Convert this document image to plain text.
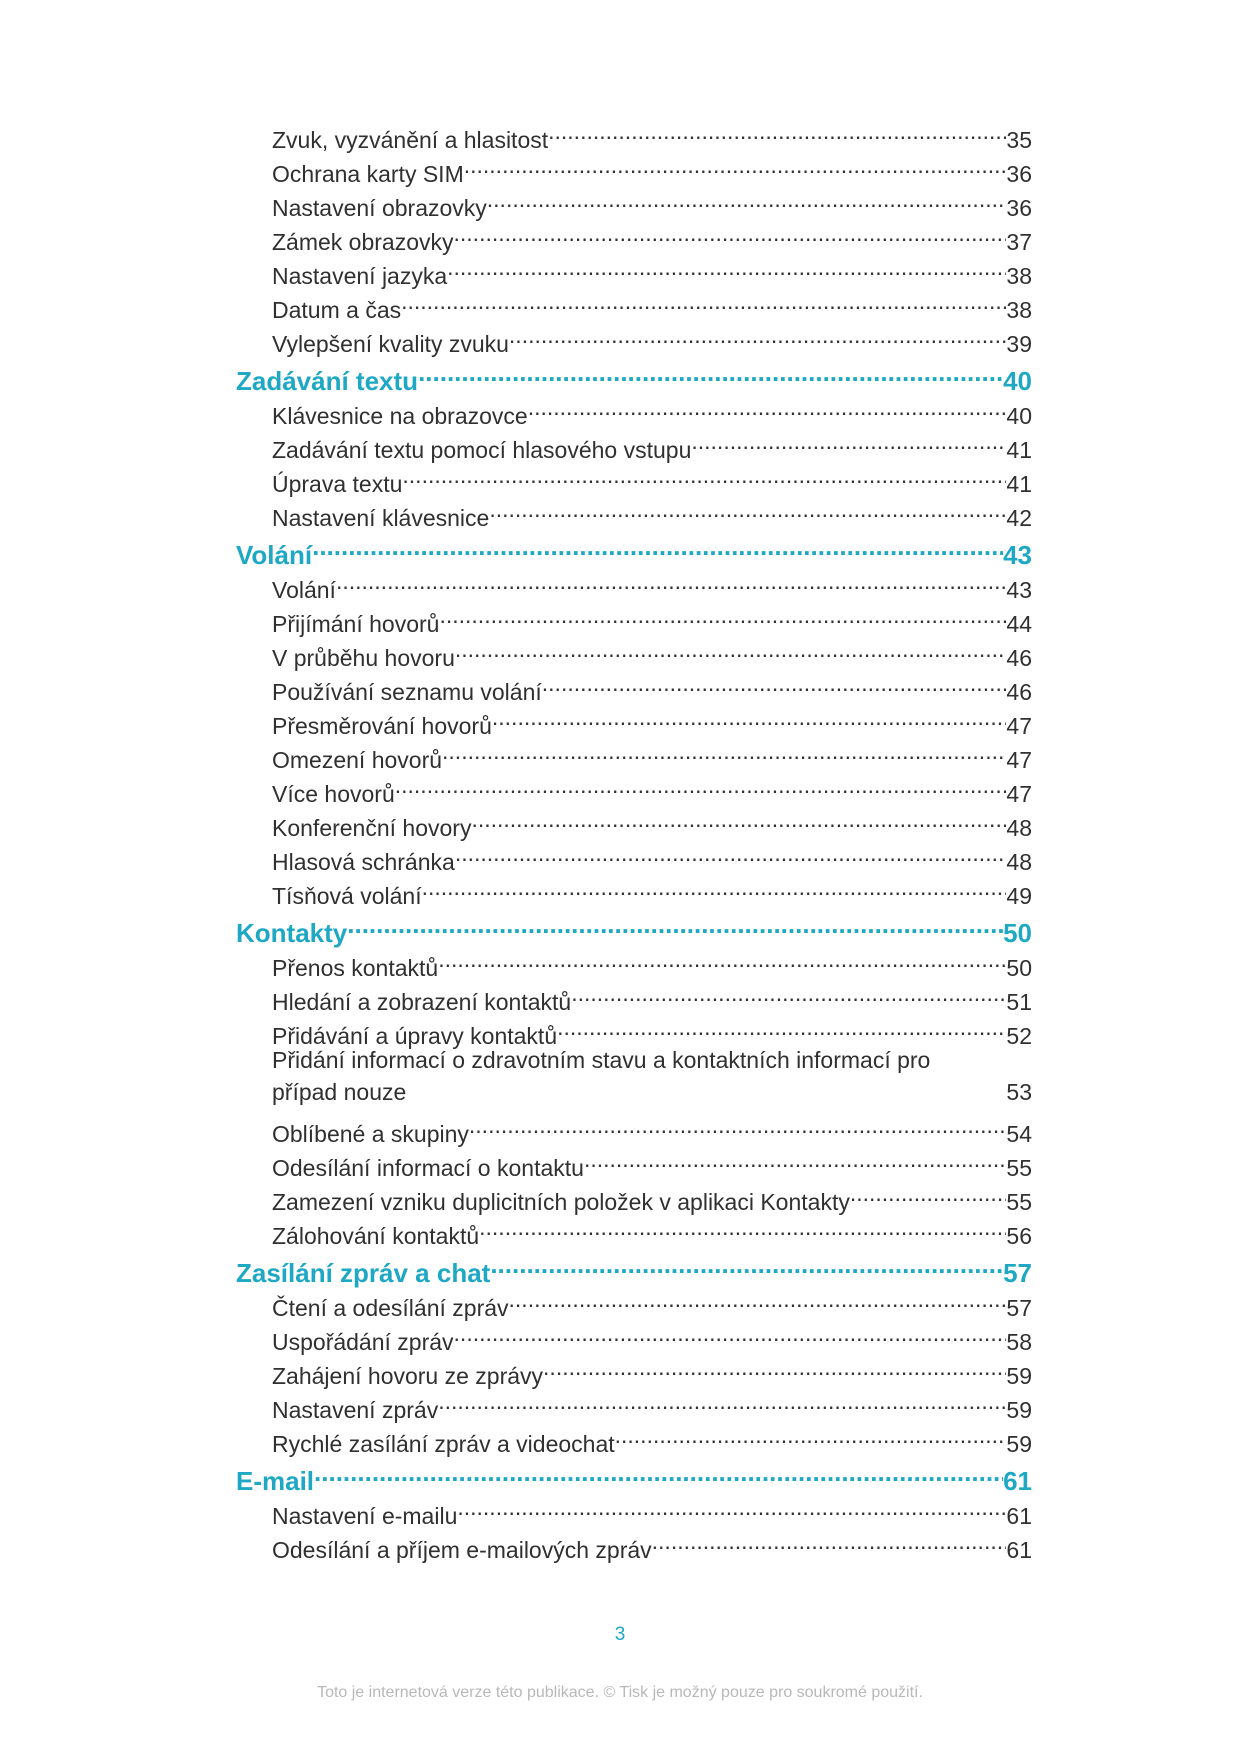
Zvuk, vyzvánění a hlasitost .....	35
Ochrana karty SIM .....	36
Nastavení obrazovky .....	36
Zámek obrazovky .....	37
Nastavení jazyka .....	38
Datum a čas .....	38
Vylepšení kvality zvuku .....	39
Zadávání textu .....	40
Klávesnice na obrazovce .....	40
Zadávání textu pomocí hlasového vstupu .....	41
Úprava textu .....	41
Nastavení klávesnice .....	42
Volání .....	43
Volání .....	43
Přijímání hovorů .....	44
V průběhu hovoru .....	46
Používání seznamu volání .....	46
Přesměrování hovorů .....	47
Omezení hovorů .....	47
Více hovorů .....	47
Konferenční hovory .....	48
Hlasová schránka .....	48
Tísňová volání .....	49
Kontakty .....	50
Přenos kontaktů .....	50
Hledání a zobrazení kontaktů .....	51
Přidávání a úpravy kontaktů .....	52
Přidání informací o zdravotním stavu a kontaktních informací pro
případ nouze	53
Oblíbené a skupiny .....	54
Odesílání informací o kontaktu .....	55
Zamezení vzniku duplicitních položek v aplikaci Kontakty .....	55
Zálohování kontaktů .....	56
Zasílání zpráv a chat .....	57
Čtení a odesílání zpráv .....	57
Uspořádání zpráv .....	58
Zahájení hovoru ze zprávy .....	59
Nastavení zpráv .....	59
Rychlé zasílání zpráv a videochat .....	59
E-mail .....	61
Nastavení e-mailu .....	61
Odesílání a příjem e-mailových zpráv .....	61
3
Toto je internetová verze této publikace. © Tisk je možný pouze pro soukromé použití.
